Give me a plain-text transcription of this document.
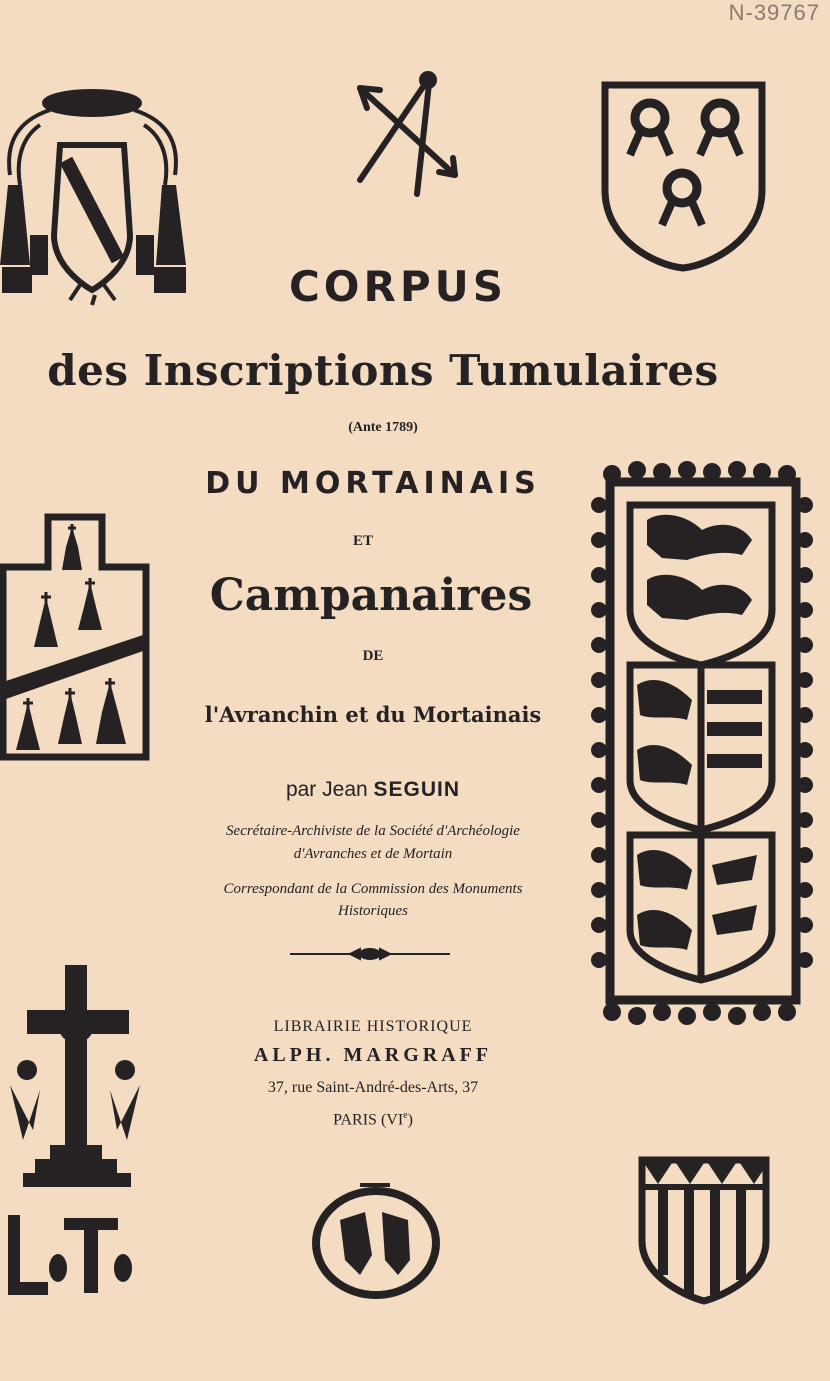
N-39767
CORPUS
des Inscriptions Tumulaires
(Ante 1789)
DU MORTAINAIS
ET
Campanaires
DE
l'Avranchin et du Mortainais
par Jean SEGUIN
Secrétaire-Archiviste de la Société d'Archéologie
d'Avranches et de Mortain
Correspondant de la Commission des Monuments
Historiques
LIBRAIRIE HISTORIQUE
ALPH. MARGRAFF
37, rue Saint-André-des-Arts, 37
PARIS (VIe)
